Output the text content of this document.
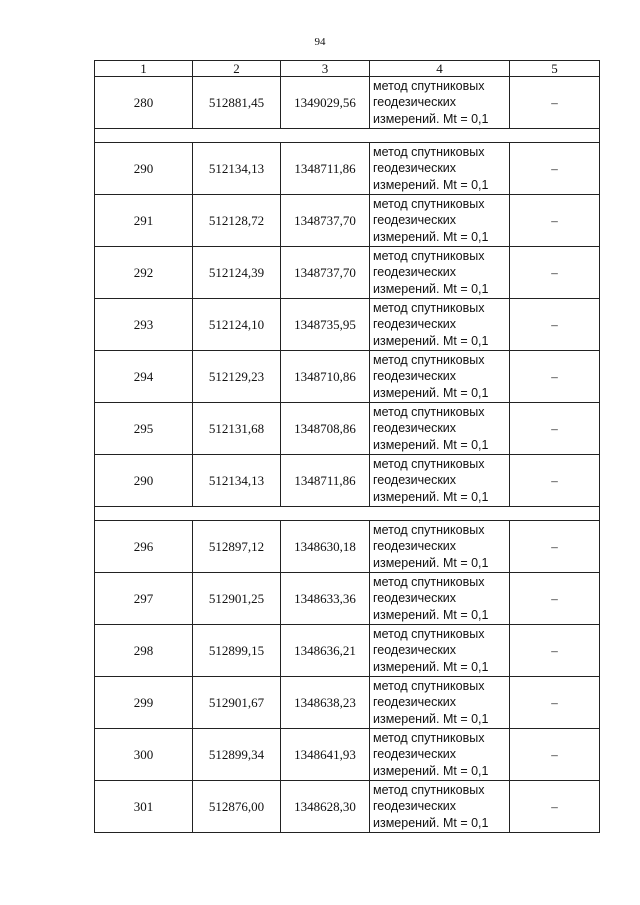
94
1	2	3	4	5
280	512881,45	1349029,56	метод спутниковых
геодезических
измерений. Mt = 0,1	–

290	512134,13	1348711,86	метод спутниковых
геодезических
измерений. Mt = 0,1	–
291	512128,72	1348737,70	метод спутниковых
геодезических
измерений. Mt = 0,1	–
292	512124,39	1348737,70	метод спутниковых
геодезических
измерений. Mt = 0,1	–
293	512124,10	1348735,95	метод спутниковых
геодезических
измерений. Mt = 0,1	–
294	512129,23	1348710,86	метод спутниковых
геодезических
измерений. Mt = 0,1	–
295	512131,68	1348708,86	метод спутниковых
геодезических
измерений. Mt = 0,1	–
290	512134,13	1348711,86	метод спутниковых
геодезических
измерений. Mt = 0,1	–

296	512897,12	1348630,18	метод спутниковых
геодезических
измерений. Mt = 0,1	–
297	512901,25	1348633,36	метод спутниковых
геодезических
измерений. Mt = 0,1	–
298	512899,15	1348636,21	метод спутниковых
геодезических
измерений. Mt = 0,1	–
299	512901,67	1348638,23	метод спутниковых
геодезических
измерений. Mt = 0,1	–
300	512899,34	1348641,93	метод спутниковых
геодезических
измерений. Mt = 0,1	–
301	512876,00	1348628,30	метод спутниковых
геодезических
измерений. Mt = 0,1	–
